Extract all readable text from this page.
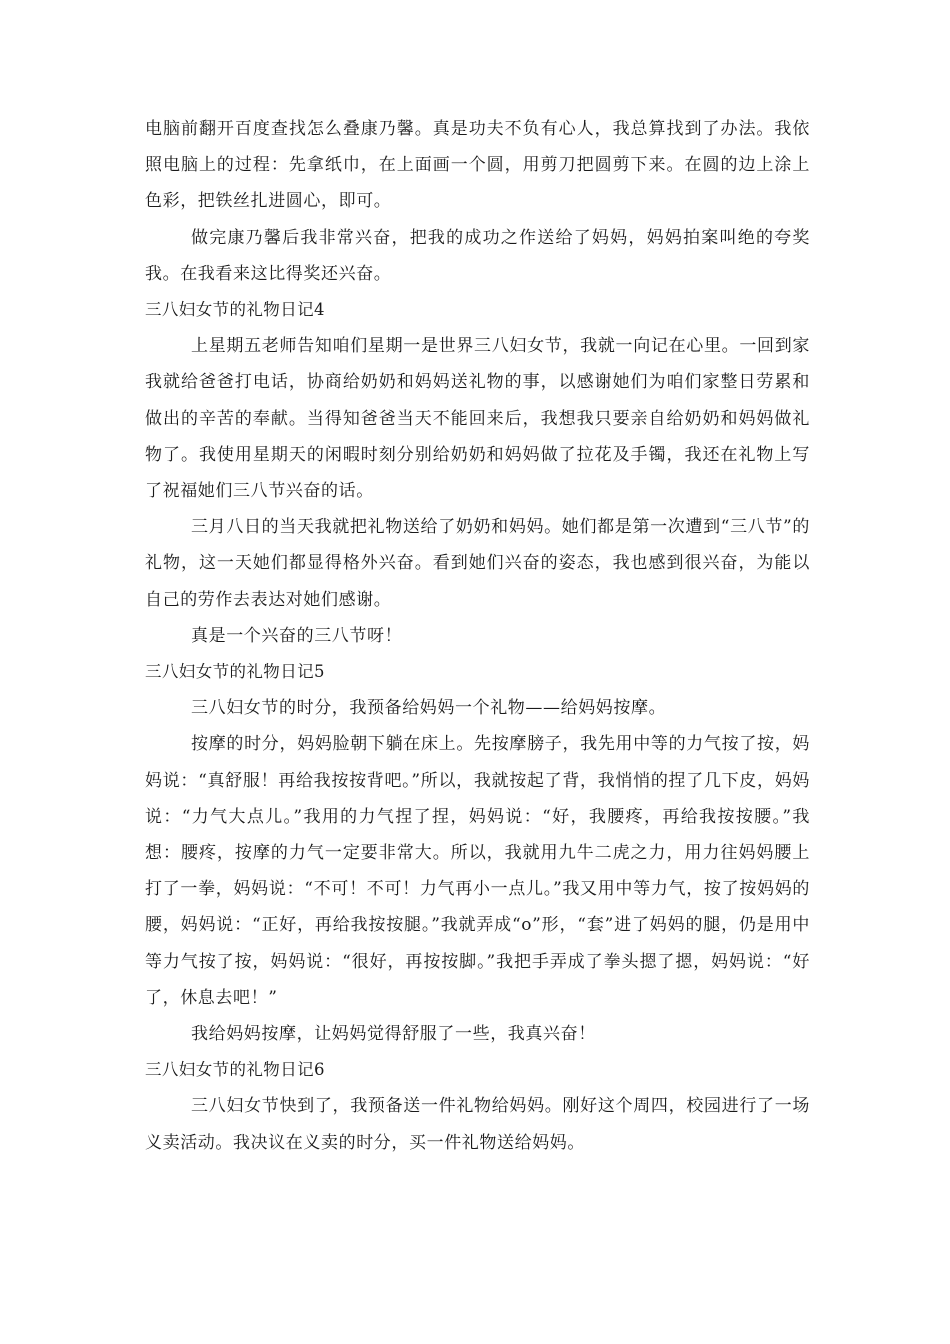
电脑前翻开百度查找怎么叠康乃馨。真是功夫不负有心人，我总算找到了办法。我依照电脑上的过程：先拿纸巾，在上面画一个圆，用剪刀把圆剪下来。在圆的边上涂上色彩，把铁丝扎进圆心，即可。

做完康乃馨后我非常兴奋，把我的成功之作送给了妈妈，妈妈拍案叫绝的夸奖我。在我看来这比得奖还兴奋。

三八妇女节的礼物日记4

上星期五老师告知咱们星期一是世界三八妇女节，我就一向记在心里。一回到家我就给爸爸打电话，协商给奶奶和妈妈送礼物的事，以感谢她们为咱们家整日劳累和做出的辛苦的奉献。当得知爸爸当天不能回来后，我想我只要亲自给奶奶和妈妈做礼物了。我使用星期天的闲暇时刻分别给奶奶和妈妈做了拉花及手镯，我还在礼物上写了祝福她们三八节兴奋的话。

三月八日的当天我就把礼物送给了奶奶和妈妈。她们都是第一次遭到“三八节”的礼物，这一天她们都显得格外兴奋。看到她们兴奋的姿态，我也感到很兴奋，为能以自己的劳作去表达对她们感谢。

真是一个兴奋的三八节呀！

三八妇女节的礼物日记5

三八妇女节的时分，我预备给妈妈一个礼物——给妈妈按摩。

按摩的时分，妈妈脸朝下躺在床上。先按摩膀子，我先用中等的力气按了按，妈妈说：“真舒服！再给我按按背吧。”所以，我就按起了背，我悄悄的捏了几下皮，妈妈说：“力气大点儿。”我用的力气捏了捏，妈妈说：“好，我腰疼，再给我按按腰。”我想：腰疼，按摩的力气一定要非常大。所以，我就用九牛二虎之力，用力往妈妈腰上打了一拳，妈妈说：“不可！不可！力气再小一点儿。”我又用中等力气，按了按妈妈的腰，妈妈说：“正好，再给我按按腿。”我就弄成“o”形，“套”进了妈妈的腿，仍是用中等力气按了按，妈妈说：“很好，再按按脚。”我把手弄成了拳头摁了摁，妈妈说：“好了，休息去吧！”

我给妈妈按摩，让妈妈觉得舒服了一些，我真兴奋！

三八妇女节的礼物日记6

三八妇女节快到了，我预备送一件礼物给妈妈。刚好这个周四，校园进行了一场义卖活动。我决议在义卖的时分，买一件礼物送给妈妈。
